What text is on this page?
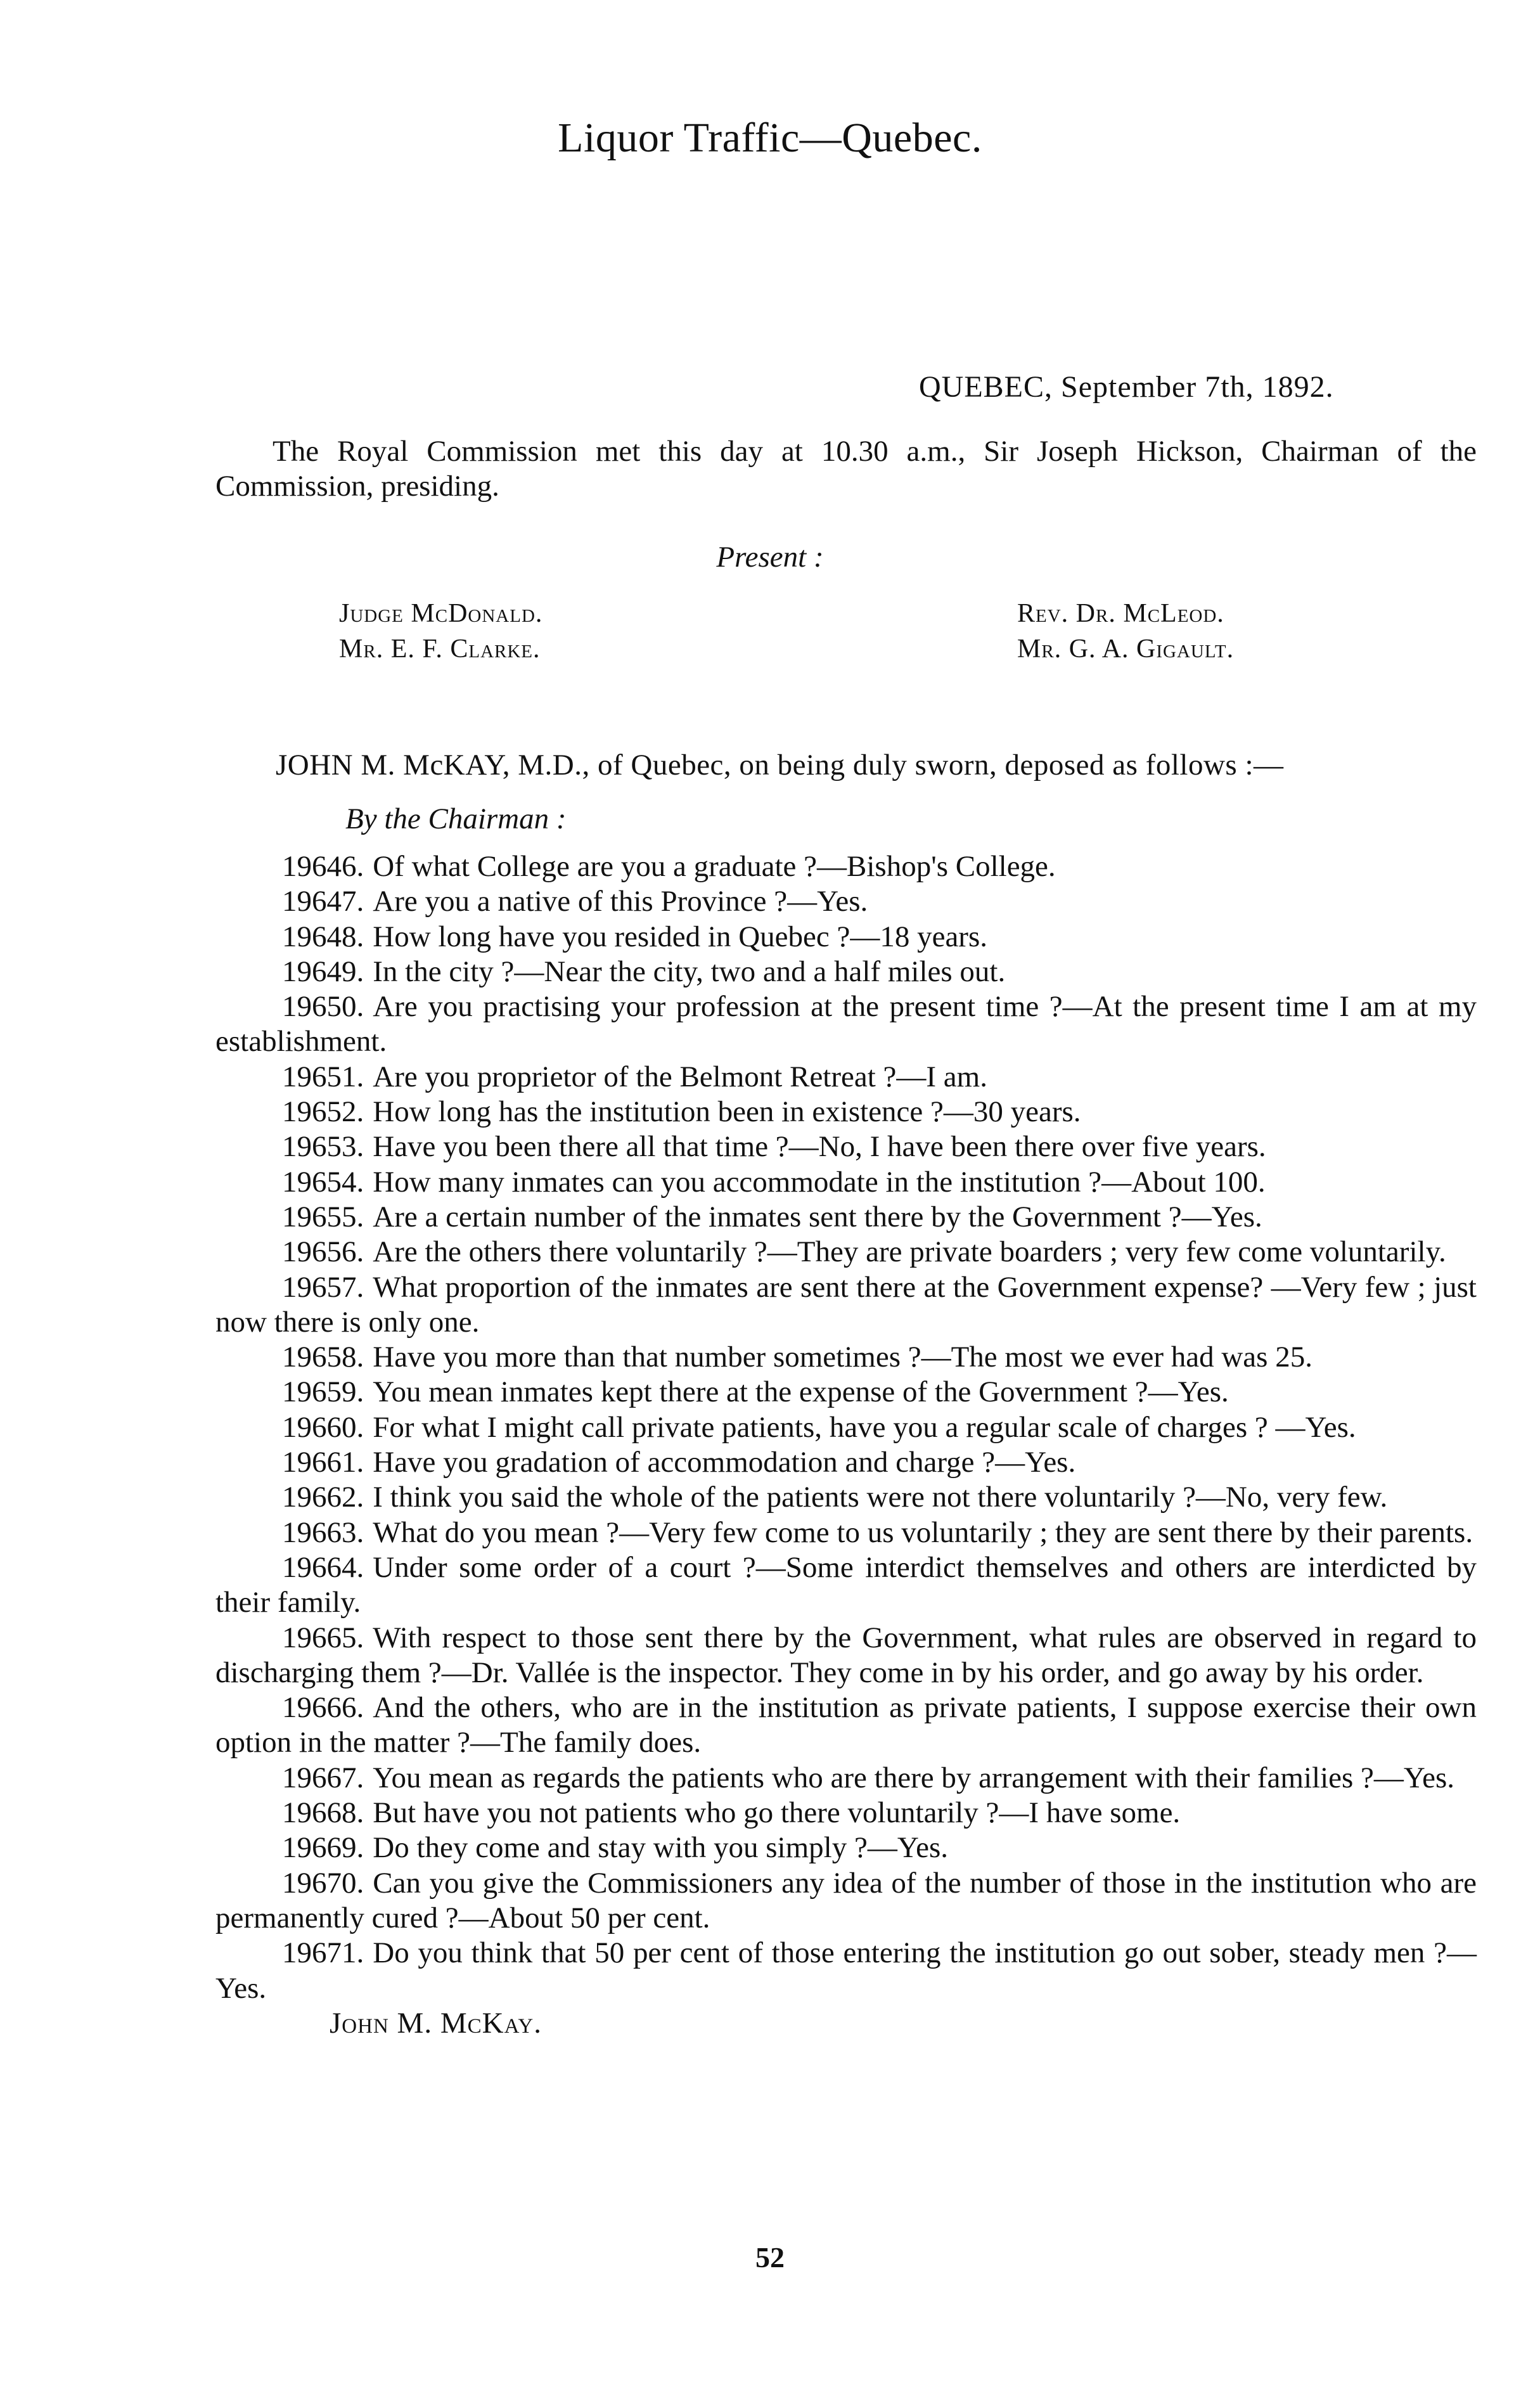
Liquor Traffic—Quebec.
QUEBEC, September 7th, 1892.
The Royal Commission met this day at 10.30 a.m., Sir Joseph Hickson, Chairman of the Commission, presiding.
Present :
Judge McDonald.
Mr. E. F. Clarke.
Rev. Dr. McLeod.
Mr. G. A. Gigault.
JOHN M. McKAY, M.D., of Quebec, on being duly sworn, deposed as follows :—
By the Chairman :

19646. Of what College are you a graduate ?—Bishop's College.

19647. Are you a native of this Province ?—Yes.

19648. How long have you resided in Quebec ?—18 years.

19649. In the city ?—Near the city, two and a half miles out.

19650. Are you practising your profession at the present time ?—At the present time I am at my establishment.

19651. Are you proprietor of the Belmont Retreat ?—I am.

19652. How long has the institution been in existence ?—30 years.

19653. Have you been there all that time ?—No, I have been there over five years.

19654. How many inmates can you accommodate in the institution ?—About 100.

19655. Are a certain number of the inmates sent there by the Government ?—Yes.

19656. Are the others there voluntarily ?—They are private boarders ; very few come voluntarily.

19657. What proportion of the inmates are sent there at the Government expense? —Very few ; just now there is only one.

19658. Have you more than that number sometimes ?—The most we ever had was 25.

19659. You mean inmates kept there at the expense of the Government ?—Yes.

19660. For what I might call private patients, have you a regular scale of charges ? —Yes.

19661. Have you gradation of accommodation and charge ?—Yes.

19662. I think you said the whole of the patients were not there voluntarily ?—No, very few.

19663. What do you mean ?—Very few come to us voluntarily ; they are sent there by their parents.

19664. Under some order of a court ?—Some interdict themselves and others are interdicted by their family.

19665. With respect to those sent there by the Government, what rules are observed in regard to discharging them ?—Dr. Vallée is the inspector. They come in by his order, and go away by his order.

19666. And the others, who are in the institution as private patients, I suppose exercise their own option in the matter ?—The family does.

19667. You mean as regards the patients who are there by arrangement with their families ?—Yes.

19668. But have you not patients who go there voluntarily ?—I have some.

19669. Do they come and stay with you simply ?—Yes.

19670. Can you give the Commissioners any idea of the number of those in the institution who are permanently cured ?—About 50 per cent.

19671. Do you think that 50 per cent of those entering the institution go out sober, steady men ?—Yes.

John M. McKay.

52
